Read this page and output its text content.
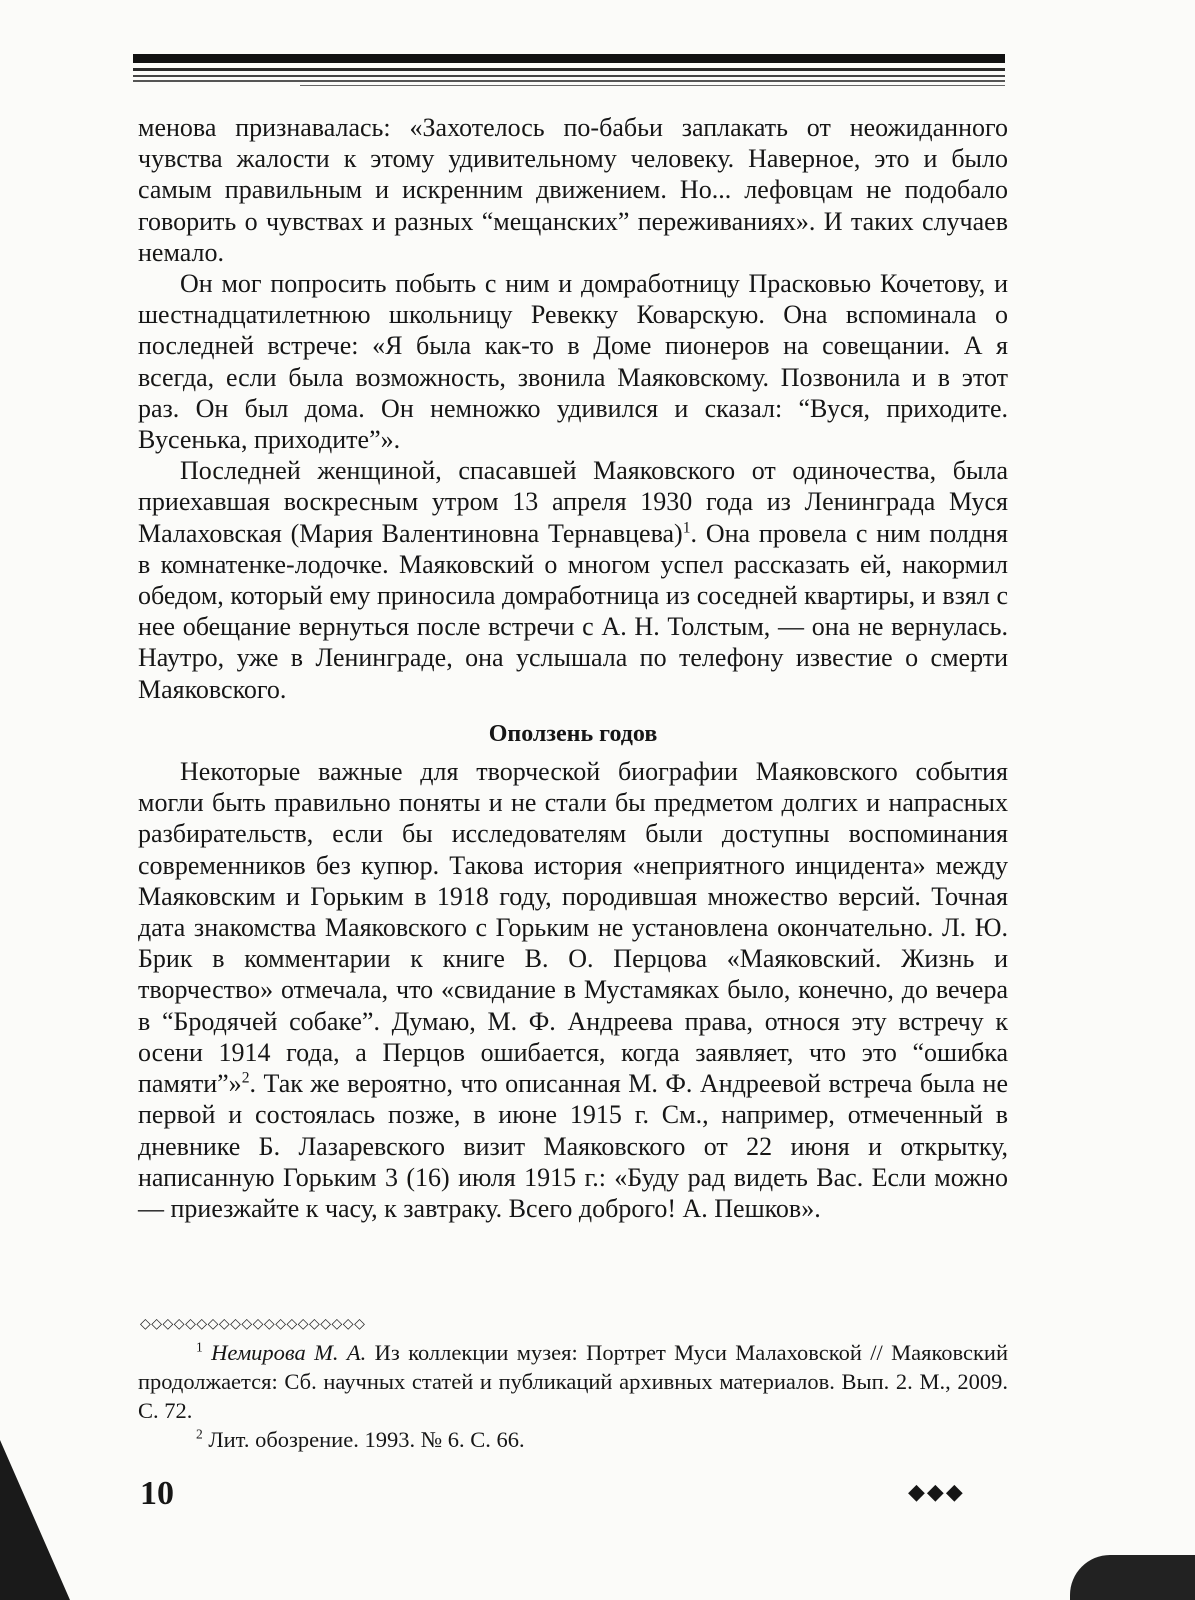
менова признавалась: «Захотелось по-бабьи заплакать от неожиданного чувства жалости к этому удивительному человеку. Наверное, это и было самым правильным и искренним движением. Но... лефовцам не подобало говорить о чувствах и разных “мещанских” переживаниях». И таких случаев немало.

Он мог попросить побыть с ним и домработницу Прасковью Кочетову, и шестнадцатилетнюю школьницу Ревекку Коварскую. Она вспоминала о последней встрече: «Я была как-то в Доме пионеров на совещании. А я всегда, если была возможность, звонила Маяковскому. Позвонила и в этот раз. Он был дома. Он немножко удивился и сказал: “Вуся, приходите. Вусенька, приходите”».

Последней женщиной, спасавшей Маяковского от одиночества, была приехавшая воскресным утром 13 апреля 1930 года из Ленинграда Муся Малаховская (Мария Валентиновна Тернавцева)$^1$. Она провела с ним полдня в комнатенке-лодочке. Маяковский о многом успел рассказать ей, накормил обедом, который ему приносила домработница из соседней квартиры, и взял с нее обещание вернуться после встречи с А. Н. Толстым, — она не вернулась. Наутро, уже в Ленинграде, она услышала по телефону известие о смерти Маяковского.

Оползень годов

Некоторые важные для творческой биографии Маяковского события могли быть правильно поняты и не стали бы предметом долгих и напрасных разбирательств, если бы исследователям были доступны воспоминания современников без купюр. Такова история «неприятного инцидента» между Маяковским и Горьким в 1918 году, породившая множество версий. Точная дата знакомства Маяковского с Горьким не установлена окончательно. Л. Ю. Брик в комментарии к книге В. О. Перцова «Маяковский. Жизнь и творчество» отмечала, что «свидание в Мустамяках было, конечно, до вечера в “Бродячей собаке”. Думаю, М. Ф. Андреева права, относя эту встречу к осени 1914 года, а Перцов ошибается, когда заявляет, что это “ошибка памяти”»$^2$. Так же вероятно, что описанная М. Ф. Андреевой встреча была не первой и состоялась позже, в июне 1915 г. См., например, отмеченный в дневнике Б. Лазаревского визит Маяковского от 22 июня и открытку, написанную Горьким 3 (16) июля 1915 г.: «Буду рад видеть Вас. Если можно — приезжайте к часу, к завтраку. Всего доброго! А. Пешков».

◇◇◇◇◇◇◇◇◇◇◇◇◇◇◇◇◇◇◇◇

$^1$ Немирова М. А. Из коллекции музея: Портрет Муси Малаховской // Маяковский продолжается: Сб. научных статей и публикаций архивных материалов. Вып. 2. М., 2009. С. 72.

$^2$ Лит. обозрение. 1993. № 6. С. 66.

10	◆◆◆
